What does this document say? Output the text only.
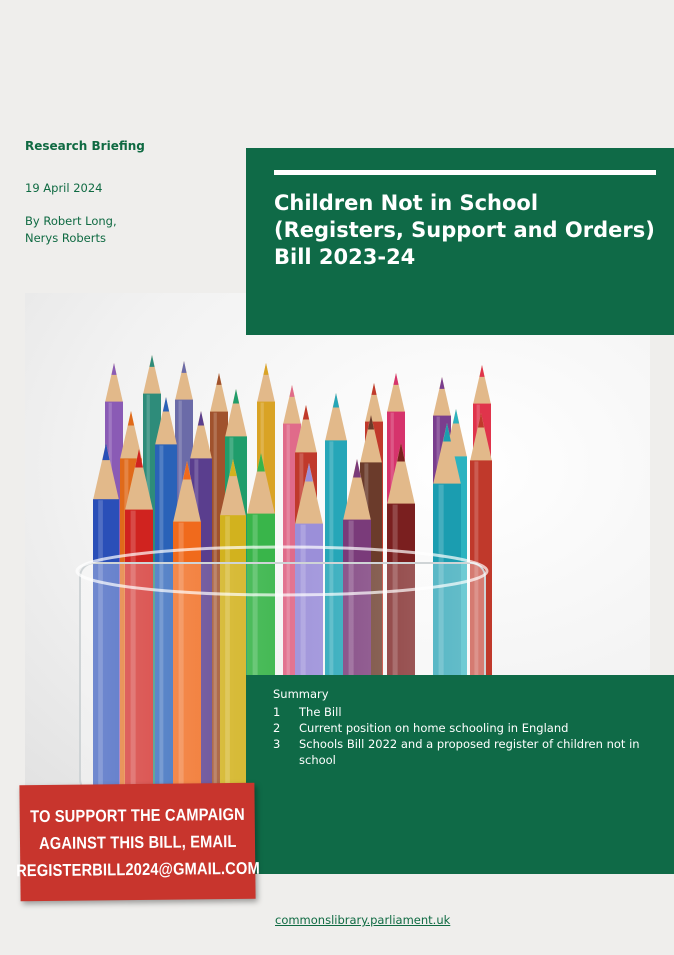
Research Briefing

19 April 2024

By Robert Long,
Nerys Roberts

Children Not in School
(Registers, Support and Orders)
Bill 2023-24
Summary
1	The Bill
2	Current position on home schooling in England
3	Schools Bill 2022 and a proposed register of children not in school
TO SUPPORT THE CAMPAIGN
AGAINST THIS BILL, EMAIL
REGISTERBILL2024@GMAIL.COM
commonslibrary.parliament.uk
